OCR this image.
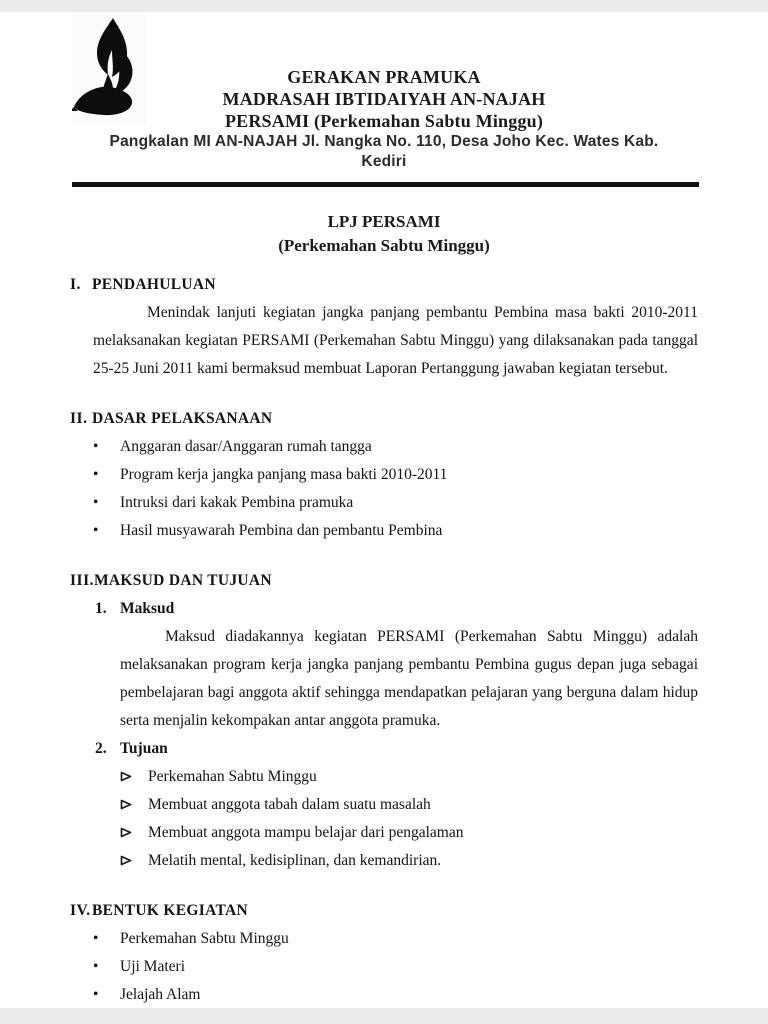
GERAKAN PRAMUKA
MADRASAH IBTIDAIYAH AN-NAJAH
PERSAMI (Perkemahan Sabtu Minggu)
Pangkalan MI AN-NAJAH Jl. Nangka No. 110, Desa Joho Kec. Wates Kab.
Kediri
LPJ PERSAMI
(Perkemahan Sabtu Minggu)
I. PENDAHULUAN
Menindak lanjuti kegiatan jangka panjang pembantu Pembina masa bakti 2010-2011 melaksanakan kegiatan PERSAMI (Perkemahan Sabtu Minggu) yang dilaksanakan pada tanggal 25-25 Juni 2011 kami bermaksud membuat Laporan Pertanggung jawaban kegiatan tersebut.
II. DASAR PELAKSANAAN
•	Anggaran dasar/Anggaran rumah tangga
•	Program kerja jangka panjang masa bakti 2010-2011
•	Intruksi dari kakak Pembina pramuka
•	Hasil musyawarah Pembina dan pembantu Pembina
III. MAKSUD DAN TUJUAN
1. Maksud
Maksud diadakannya kegiatan PERSAMI (Perkemahan Sabtu Minggu) adalah melaksanakan program kerja jangka panjang pembantu Pembina gugus depan juga sebagai pembelajaran bagi anggota aktif sehingga mendapatkan pelajaran yang berguna dalam hidup serta menjalin kekompakan antar anggota pramuka.
2. Tujuan
Perkemahan Sabtu Minggu
Membuat anggota tabah dalam suatu masalah
Membuat anggota mampu belajar dari pengalaman
Melatih mental, kedisiplinan, dan kemandirian.
IV. BENTUK KEGIATAN
•	Perkemahan Sabtu Minggu
•	Uji Materi
•	Jelajah Alam
